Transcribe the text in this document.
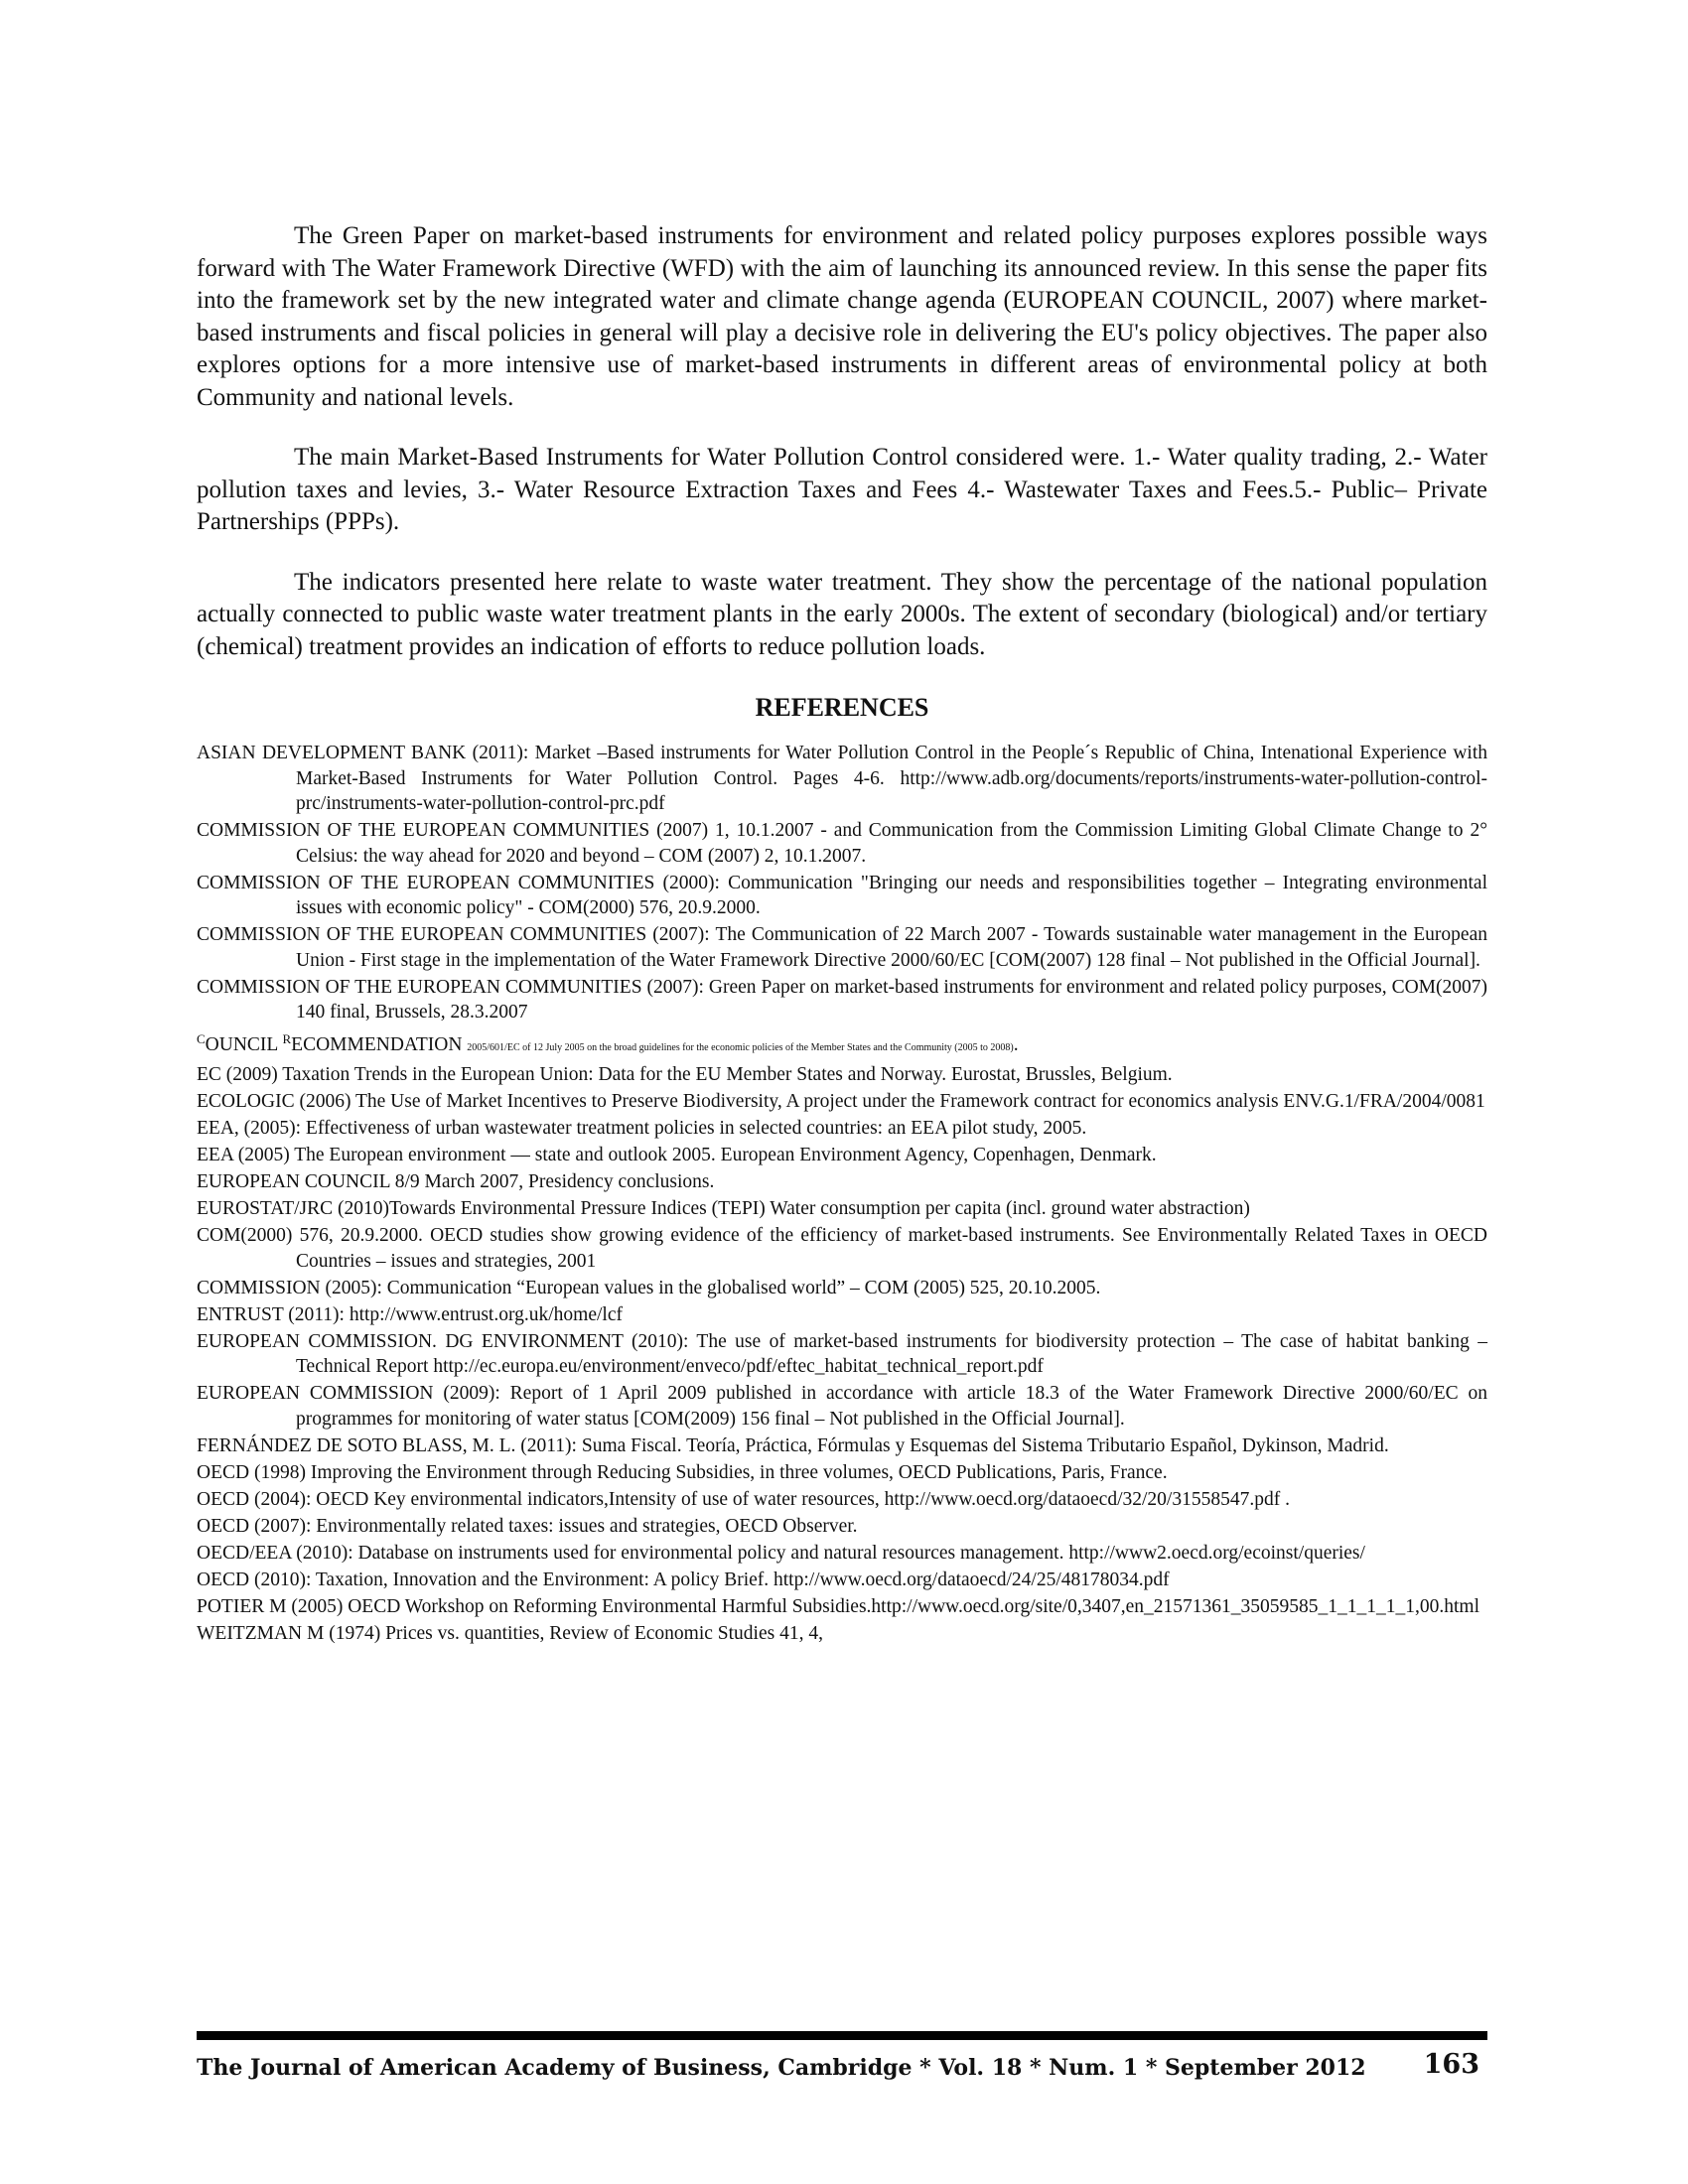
The Green Paper on market-based instruments for environment and related policy purposes explores possible ways forward with The Water Framework Directive (WFD) with the aim of launching its announced review. In this sense the paper fits into the framework set by the new integrated water and climate change agenda (EUROPEAN COUNCIL, 2007) where market-based instruments and fiscal policies in general will play a decisive role in delivering the EU's policy objectives. The paper also explores options for a more intensive use of market-based instruments in different areas of environmental policy at both Community and national levels.

The main Market-Based Instruments for Water Pollution Control considered were. 1.- Water quality trading, 2.- Water pollution taxes and levies, 3.- Water Resource Extraction Taxes and Fees 4.- Wastewater Taxes and Fees.5.- Public– Private Partnerships (PPPs).

The indicators presented here relate to waste water treatment. They show the percentage of the national population actually connected to public waste water treatment plants in the early 2000s. The extent of secondary (biological) and/or tertiary (chemical) treatment provides an indication of efforts to reduce pollution loads.

REFERENCES

ASIAN DEVELOPMENT BANK (2011): Market –Based instruments for Water Pollution Control in the People´s Republic of China, Intenational Experience with Market-Based Instruments for Water Pollution Control. Pages 4-6. http://www.adb.org/documents/reports/instruments-water-pollution-control-prc/instruments-water-pollution-control-prc.pdf

COMMISSION OF THE EUROPEAN COMMUNITIES (2007) 1, 10.1.2007 - and Communication from the Commission Limiting Global Climate Change to 2° Celsius: the way ahead for 2020 and beyond – COM (2007) 2, 10.1.2007.

COMMISSION OF THE EUROPEAN COMMUNITIES (2000): Communication "Bringing our needs and responsibilities together – Integrating environmental issues with economic policy" - COM(2000) 576, 20.9.2000.

COMMISSION OF THE EUROPEAN COMMUNITIES (2007): The Communication of 22 March 2007 - Towards sustainable water management in the European Union - First stage in the implementation of the Water Framework Directive 2000/60/EC [COM(2007) 128 final – Not published in the Official Journal].

COMMISSION OF THE EUROPEAN COMMUNITIES (2007): Green Paper on market-based instruments for environment and related policy purposes, COM(2007) 140 final, Brussels, 28.3.2007

$^C$OUNCIL $^R$ECOMMENDATION 2005/601/EC of 12 July 2005 on the broad guidelines for the economic policies of the Member States and the Community (2005 to 2008).

EC (2009) Taxation Trends in the European Union: Data for the EU Member States and Norway. Eurostat, Brussles, Belgium.

ECOLOGIC (2006) The Use of Market Incentives to Preserve Biodiversity, A project under the Framework contract for economics analysis ENV.G.1/FRA/2004/0081

EEA, (2005): Effectiveness of urban wastewater treatment policies in selected countries: an EEA pilot study, 2005.

EEA (2005) The European environment — state and outlook 2005. European Environment Agency, Copenhagen, Denmark.

EUROPEAN COUNCIL 8/9 March 2007, Presidency conclusions.

EUROSTAT/JRC (2010)Towards Environmental Pressure Indices (TEPI) Water consumption per capita (incl. ground water abstraction)

COM(2000) 576, 20.9.2000. OECD studies show growing evidence of the efficiency of market-based instruments. See Environmentally Related Taxes in OECD Countries – issues and strategies, 2001

COMMISSION (2005): Communication “European values in the globalised world” – COM (2005) 525, 20.10.2005.

ENTRUST (2011): http://www.entrust.org.uk/home/lcf

EUROPEAN COMMISSION. DG ENVIRONMENT (2010): The use of market-based instruments for biodiversity protection – The case of habitat banking –Technical Report http://ec.europa.eu/environment/enveco/pdf/eftec_habitat_technical_report.pdf

EUROPEAN COMMISSION (2009): Report of 1 April 2009 published in accordance with article 18.3 of the Water Framework Directive 2000/60/EC on programmes for monitoring of water status [COM(2009) 156 final – Not published in the Official Journal].

FERNÁNDEZ DE SOTO BLASS, M. L. (2011): Suma Fiscal. Teoría, Práctica, Fórmulas y Esquemas del Sistema Tributario Español, Dykinson, Madrid.

OECD (1998) Improving the Environment through Reducing Subsidies, in three volumes, OECD Publications, Paris, France.

OECD (2004): OECD Key environmental indicators,Intensity of use of water resources, http://www.oecd.org/dataoecd/32/20/31558547.pdf .

OECD (2007): Environmentally related taxes: issues and strategies, OECD Observer.

OECD/EEA (2010): Database on instruments used for environmental policy and natural resources management. http://www2.oecd.org/ecoinst/queries/

OECD (2010): Taxation, Innovation and the Environment: A policy Brief. http://www.oecd.org/dataoecd/24/25/48178034.pdf

POTIER M (2005) OECD Workshop on Reforming Environmental Harmful Subsidies.http://www.oecd.org/site/0,3407,en_21571361_35059585_1_1_1_1_1,00.html

WEITZMAN M (1974) Prices vs. quantities, Review of Economic Studies 41, 4,

The Journal of American Academy of Business, Cambridge * Vol. 18 * Num. 1 * September 2012 163
